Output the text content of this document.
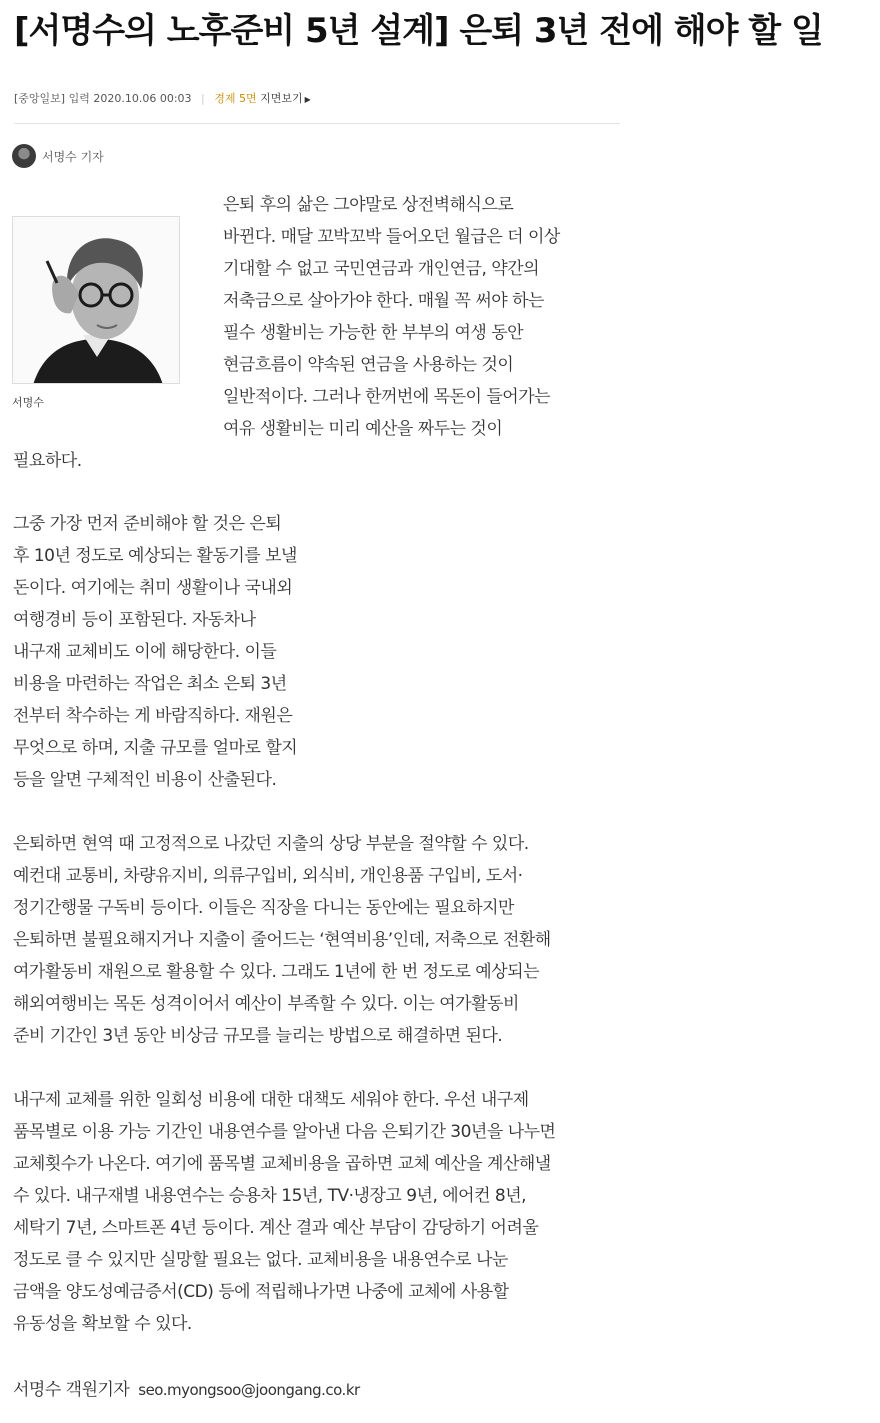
[서명수의 노후준비 5년 설계] 은퇴 3년 전에 해야 할 일
[중앙일보] 입력 2020.10.06 00:03 | 경제 5면 지면보기 ▶
서명수 기자
서명수

은퇴 후의 삶은 그야말로 상전벽해식으로
바뀐다. 매달 꼬박꼬박 들어오던 월급은 더 이상
기대할 수 없고 국민연금과 개인연금, 약간의
저축금으로 살아가야 한다. 매월 꼭 써야 하는
필수 생활비는 가능한 한 부부의 여생 동안
현금흐름이 약속된 연금을 사용하는 것이
일반적이다. 그러나 한꺼번에 목돈이 들어가는
여유 생활비는 미리 예산을 짜두는 것이

필요하다.

그중 가장 먼저 준비해야 할 것은 은퇴
후 10년 정도로 예상되는 활동기를 보낼
돈이다. 여기에는 취미 생활이나 국내외
여행경비 등이 포함된다. 자동차나
내구재 교체비도 이에 해당한다. 이들
비용을 마련하는 작업은 최소 은퇴 3년
전부터 착수하는 게 바람직하다. 재원은
무엇으로 하며, 지출 규모를 얼마로 할지
등을 알면 구체적인 비용이 산출된다.

은퇴하면 현역 때 고정적으로 나갔던 지출의 상당 부분을 절약할 수 있다.
예컨대 교통비, 차량유지비, 의류구입비, 외식비, 개인용품 구입비, 도서·
정기간행물 구독비 등이다. 이들은 직장을 다니는 동안에는 필요하지만
은퇴하면 불필요해지거나 지출이 줄어드는 ‘현역비용’인데, 저축으로 전환해
여가활동비 재원으로 활용할 수 있다. 그래도 1년에 한 번 정도로 예상되는
해외여행비는 목돈 성격이어서 예산이 부족할 수 있다. 이는 여가활동비
준비 기간인 3년 동안 비상금 규모를 늘리는 방법으로 해결하면 된다.

내구제 교체를 위한 일회성 비용에 대한 대책도 세워야 한다. 우선 내구제
품목별로 이용 가능 기간인 내용연수를 알아낸 다음 은퇴기간 30년을 나누면
교체횟수가 나온다. 여기에 품목별 교체비용을 곱하면 교체 예산을 계산해낼
수 있다. 내구재별 내용연수는 승용차 15년, TV·냉장고 9년, 에어컨 8년,
세탁기 7년, 스마트폰 4년 등이다. 계산 결과 예산 부담이 감당하기 어려울
정도로 클 수 있지만 실망할 필요는 없다. 교체비용을 내용연수로 나눈
금액을 양도성예금증서(CD) 등에 적립해나가면 나중에 교체에 사용할
유동성을 확보할 수 있다.

서명수 객원기자 seo.myongsoo@joongang.co.kr
